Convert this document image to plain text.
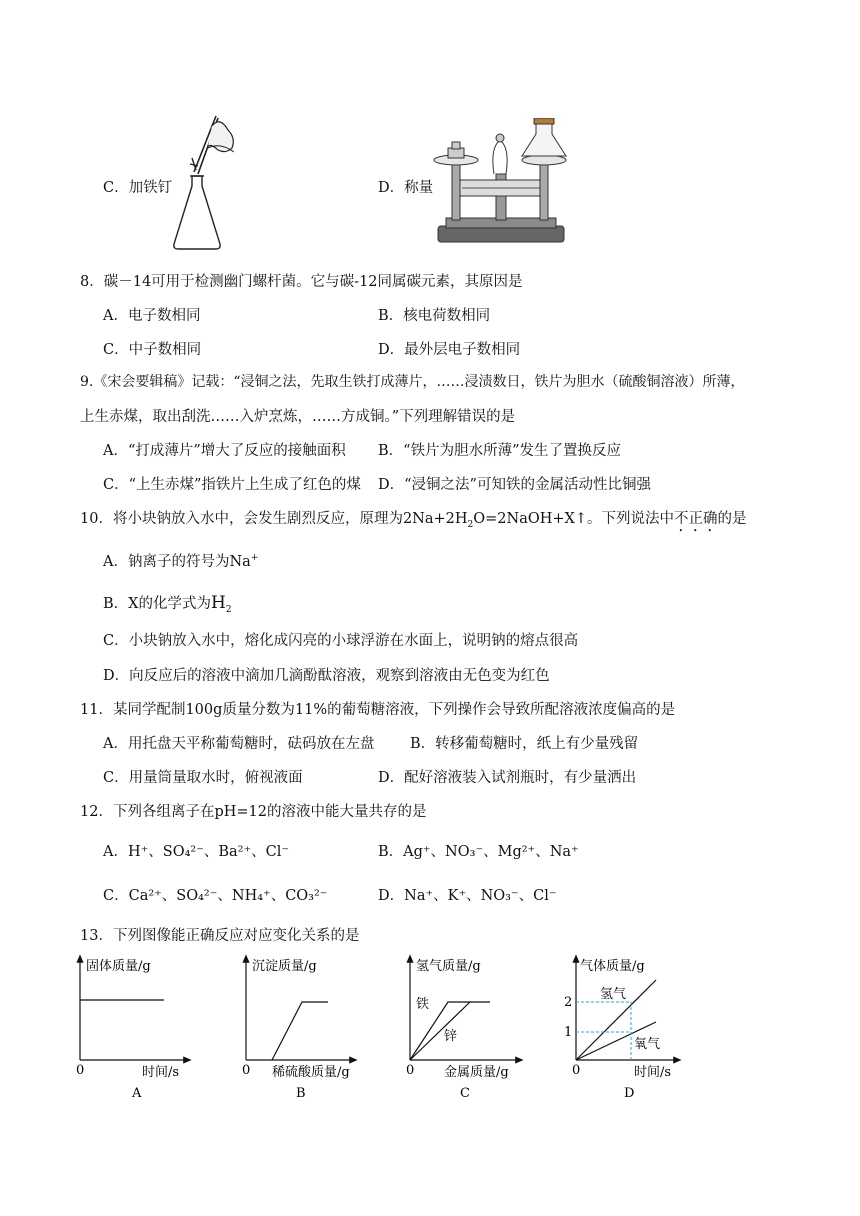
C．加铁钉	D．称量
8．碳－14可用于检测幽门螺杆菌。它与碳-12同属碳元素，其原因是
A．电子数相同	B．核电荷数相同
C．中子数相同	D．最外层电子数相同
9.《宋会要辑稿》记载：“浸铜之法，先取生铁打成薄片，……浸渍数日，铁片为胆水（硫酸铜溶液）所薄，
上生赤煤，取出刮洗……入炉烹炼，……方成铜。”下列理解错误的是
A．“打成薄片”增大了反应的接触面积 B．“铁片为胆水所薄”发生了置换反应
C．“上生赤煤”指铁片上生成了红色的煤 D．“浸铜之法”可知铁的金属活动性比铜强
10．将小块钠放入水中，会发生剧烈反应，原理为$2Na+2H_2O=2NaOH+X↑$。下列说法中不正确的是
A．钠离子的符号为Na+
B．X的化学式为$H_2$
C．小块钠放入水中，熔化成闪亮的小球浮游在水面上，说明钠的熔点很高
D．向反应后的溶液中滴加几滴酚酞溶液，观察到溶液由无色变为红色
11．某同学配制100g质量分数为11%的葡萄糖溶液，下列操作会导致所配溶液浓度偏高的是
A．用托盘天平称葡萄糖时，砝码放在左盘 B．转移葡萄糖时，纸上有少量残留
C．用量筒量取水时，俯视液面	D．配好溶液装入试剂瓶时，有少量洒出
12．下列各组离子在pH=12的溶液中能大量共存的是
A．H⁺、SO₄²⁻、Ba²⁺、Cl⁻	B．Ag⁺、NO₃⁻、Mg²⁺、Na⁺
C．Ca²⁺、SO₄²⁻、NH₄⁺、CO₃²⁻	D．Na⁺、K⁺、NO₃⁻、Cl⁻
13．下列图像能正确反应对应变化关系的是
固体质量/g
时间/s
0
A
沉淀质量/g
稀硫酸质量/g
0
B
氢气质量/g
金属质量/g
0
铁
锌
C
气体质量/g
时间/s
0
2
1
氢气
氧气
D
